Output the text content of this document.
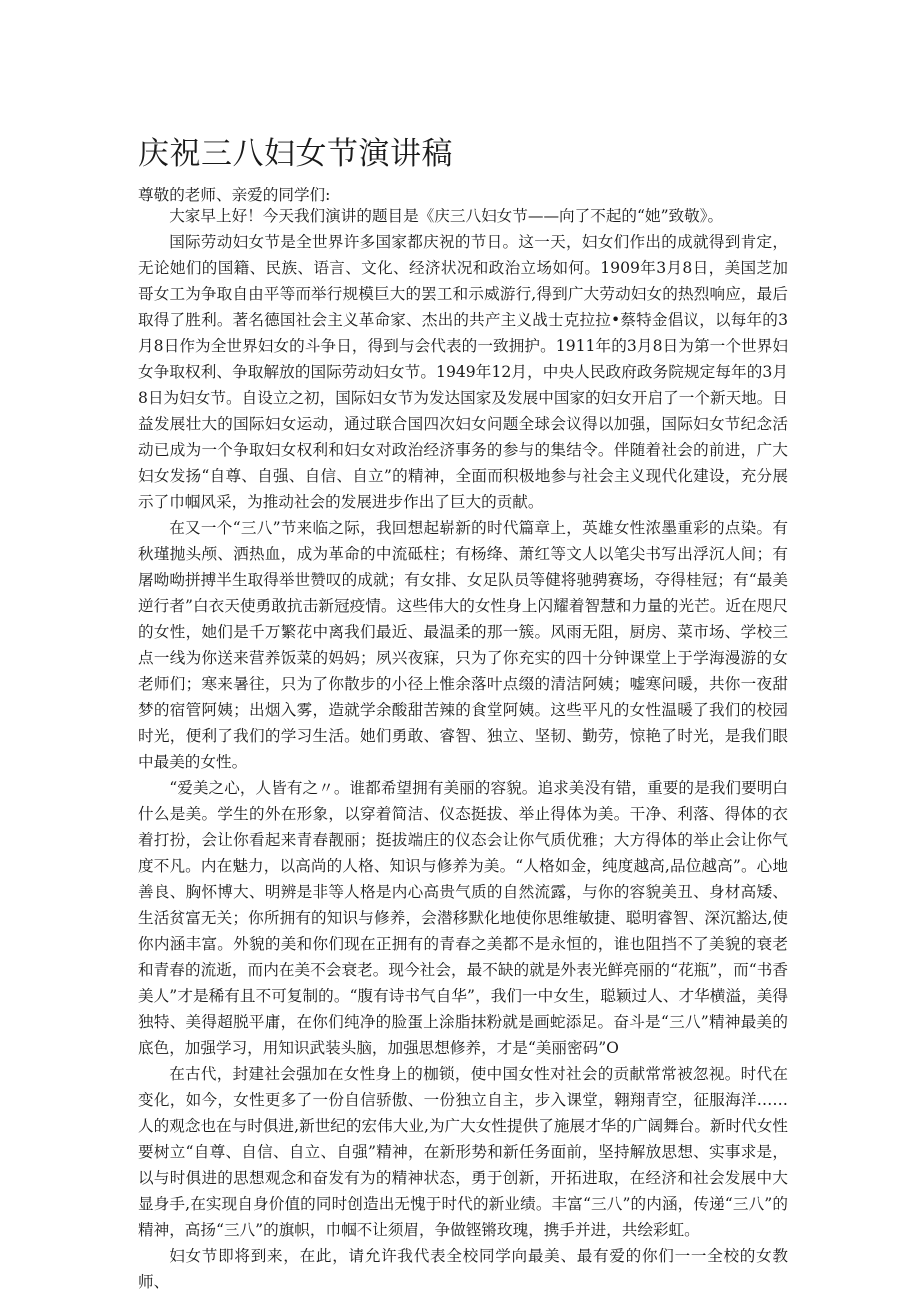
庆祝三八妇女节演讲稿

尊敬的老师、亲爱的同学们:

大家早上好！今天我们演讲的题目是《庆三八妇女节——向了不起的“她”致敬》。

国际劳动妇女节是全世界许多国家都庆祝的节日。这一天，妇女们作出的成就得到肯定，无论她们的国籍、民族、语言、文化、经济状况和政治立场如何。1909年3月8日，美国芝加哥女工为争取自由平等而举行规模巨大的罢工和示威游行,得到广大劳动妇女的热烈响应，最后取得了胜利。著名德国社会主义革命家、杰出的共产主义战士克拉拉•蔡特金倡议，以每年的3月8日作为全世界妇女的斗争日，得到与会代表的一致拥护。1911年的3月8日为第一个世界妇女争取权利、争取解放的国际劳动妇女节。1949年12月，中央人民政府政务院规定每年的3月8日为妇女节。自设立之初，国际妇女节为发达国家及发展中国家的妇女开启了一个新天地。日益发展壮大的国际妇女运动，通过联合国四次妇女问题全球会议得以加强，国际妇女节纪念活动已成为一个争取妇女权利和妇女对政治经济事务的参与的集结令。伴随着社会的前进，广大妇女发扬“自尊、自强、自信、自立”的精神，全面而积极地参与社会主义现代化建设，充分展示了巾帼风采，为推动社会的发展进步作出了巨大的贡献。

在又一个“三八”节来临之际，我回想起崭新的时代篇章上，英雄女性浓墨重彩的点染。有秋瑾抛头颅、洒热血，成为革命的中流砥柱；有杨绛、萧红等文人以笔尖书写出浮沉人间；有屠呦呦拼搏半生取得举世赞叹的成就；有女排、女足队员等健将驰骋赛场，夺得桂冠；有“最美逆行者”白衣天使勇敢抗击新冠疫情。这些伟大的女性身上闪耀着智慧和力量的光芒。近在咫尺的女性，她们是千万繁花中离我们最近、最温柔的那一簇。风雨无阻，厨房、菜市场、学校三点一线为你送来营养饭菜的妈妈；夙兴夜寐，只为了你充实的四十分钟课堂上于学海漫游的女老师们；寒来暑往，只为了你散步的小径上惟余落叶点缀的清洁阿姨；嘘寒问暖，共你一夜甜梦的宿管阿姨；出烟入雾，造就学余酸甜苦辣的食堂阿姨。这些平凡的女性温暖了我们的校园时光，便利了我们的学习生活。她们勇敢、睿智、独立、坚韧、勤劳，惊艳了时光，是我们眼中最美的女性。

“爱美之心，人皆有之〃。谁都希望拥有美丽的容貌。追求美没有错，重要的是我们要明白什么是美。学生的外在形象，以穿着简洁、仪态挺拔、举止得体为美。干净、利落、得体的衣着打扮，会让你看起来青春靓丽；挺拔端庄的仪态会让你气质优雅；大方得体的举止会让你气度不凡。内在魅力，以高尚的人格、知识与修养为美。“人格如金，纯度越高,品位越高”。心地善良、胸怀博大、明辨是非等人格是内心高贵气质的自然流露，与你的容貌美丑、身材高矮、生活贫富无关；你所拥有的知识与修养，会潜移默化地使你思维敏捷、聪明睿智、深沉豁达,使你内涵丰富。外貌的美和你们现在正拥有的青春之美都不是永恒的，谁也阻挡不了美貌的衰老和青春的流逝，而内在美不会衰老。现今社会，最不缺的就是外表光鲜亮丽的“花瓶”，而“书香美人”才是稀有且不可复制的。“腹有诗书气自华”，我们一中女生，聪颖过人、才华横溢，美得独特、美得超脱平庸，在你们纯净的脸蛋上涂脂抹粉就是画蛇添足。奋斗是“三八”精神最美的底色，加强学习，用知识武装头脑，加强思想修养，才是“美丽密码”O

在古代，封建社会强加在女性身上的枷锁，使中国女性对社会的贡献常常被忽视。时代在变化，如今，女性更多了一份自信骄傲、一份独立自主，步入课堂，翱翔青空，征服海洋……人的观念也在与时俱进,新世纪的宏伟大业,为广大女性提供了施展才华的广阔舞台。新时代女性要树立“自尊、自信、自立、自强”精神，在新形势和新任务面前，坚持解放思想、实事求是，以与时俱进的思想观念和奋发有为的精神状态，勇于创新，开拓进取，在经济和社会发展中大显身手,在实现自身价值的同时创造出无愧于时代的新业绩。丰富“三八”的内涵，传递“三八”的精神，高扬“三八”的旗帜，巾帼不让须眉，争做铿锵玫瑰，携手并进，共绘彩虹。

妇女节即将到来，在此，请允许我代表全校同学向最美、最有爱的你们一一全校的女教师、
